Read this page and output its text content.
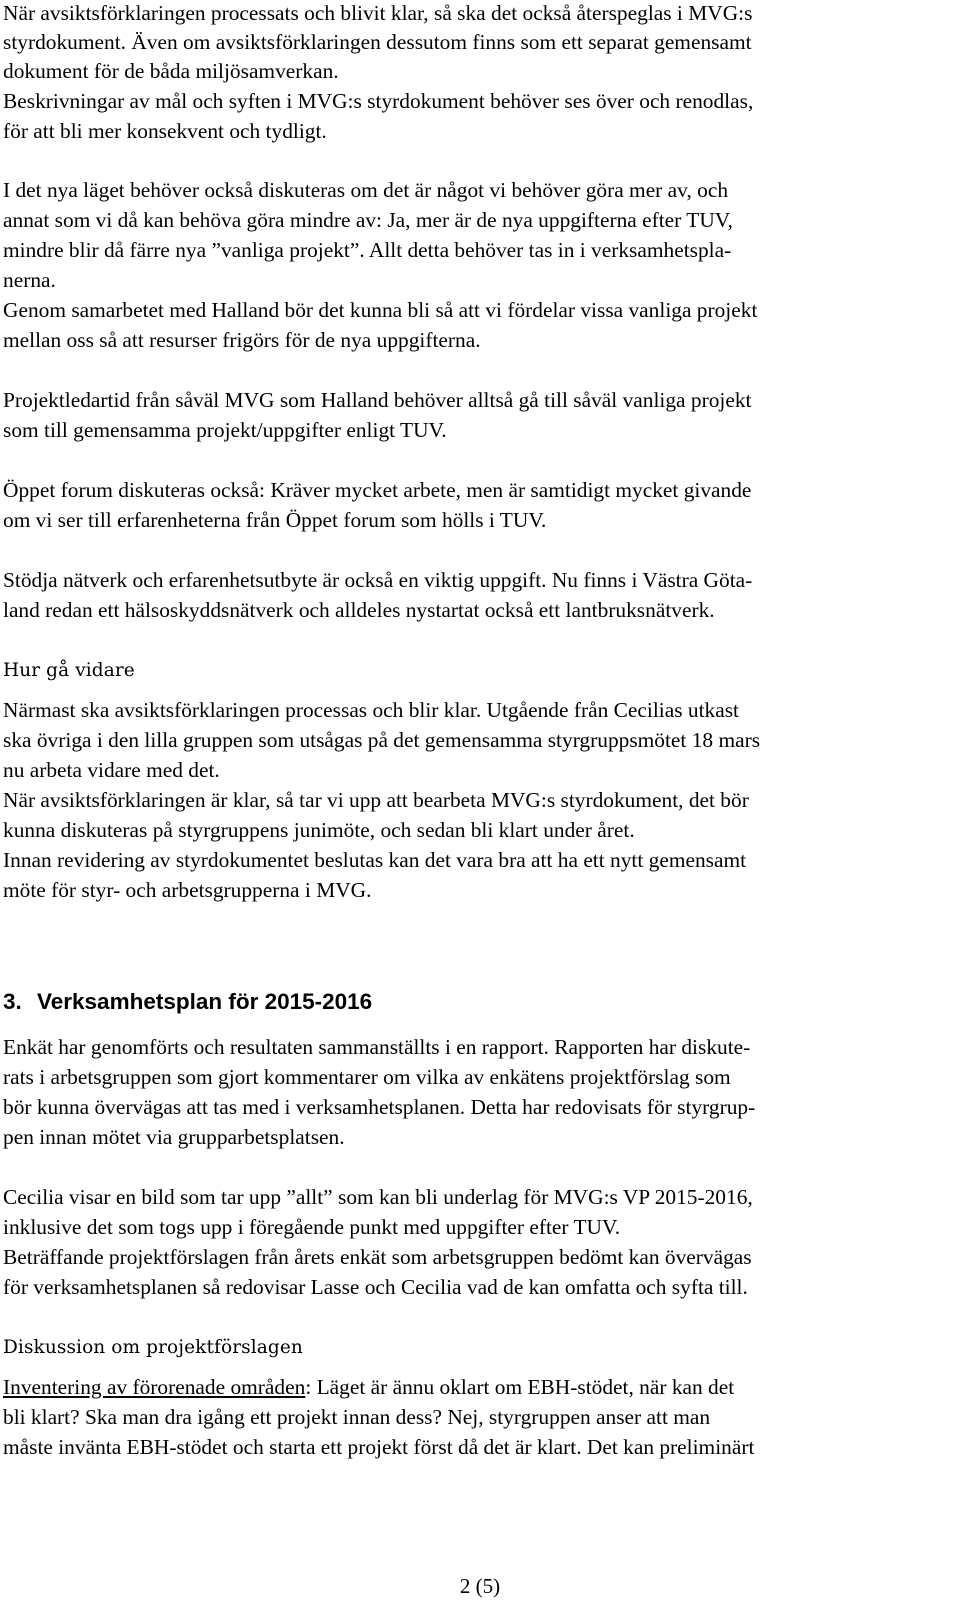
När avsiktsförklaringen processats och blivit klar, så ska det också återspeglas i MVG:s
styrdokument. Även om avsiktsförklaringen dessutom finns som ett separat gemensamt
dokument för de båda miljösamverkan.
Beskrivningar av mål och syften i MVG:s styrdokument behöver ses över och renodlas,
för att bli mer konsekvent och tydligt.
I det nya läget behöver också diskuteras om det är något vi behöver göra mer av, och
annat som vi då kan behöva göra mindre av: Ja, mer är de nya uppgifterna efter TUV,
mindre blir då färre nya ”vanliga projekt”. Allt detta behöver tas in i verksamhetspla-
nerna.
Genom samarbetet med Halland bör det kunna bli så att vi fördelar vissa vanliga projekt
mellan oss så att resurser frigörs för de nya uppgifterna.
Projektledartid från såväl MVG som Halland behöver alltså gå till såväl vanliga projekt
som till gemensamma projekt/uppgifter enligt TUV.
Öppet forum diskuteras också: Kräver mycket arbete, men är samtidigt mycket givande
om vi ser till erfarenheterna från Öppet forum som hölls i TUV.
Stödja nätverk och erfarenhetsutbyte är också en viktig uppgift. Nu finns i Västra Göta-
land redan ett hälsoskyddsnätverk och alldeles nystartat också ett lantbruksnätverk.
Hur gå vidare
Närmast ska avsiktsförklaringen processas och blir klar. Utgående från Cecilias utkast
ska övriga i den lilla gruppen som utsågas på det gemensamma styrgruppsmötet 18 mars
nu arbeta vidare med det.
När avsiktsförklaringen är klar, så tar vi upp att bearbeta MVG:s styrdokument, det bör
kunna diskuteras på styrgruppens junimöte, och sedan bli klart under året.
Innan revidering av styrdokumentet beslutas kan det vara bra att ha ett nytt gemensamt
möte för styr- och arbetsgrupperna i MVG.
3. Verksamhetsplan för 2015-2016
Enkät har genomförts och resultaten sammanställts i en rapport. Rapporten har diskute-
rats i arbetsgruppen som gjort kommentarer om vilka av enkätens projektförslag som
bör kunna övervägas att tas med i verksamhetsplanen. Detta har redovisats för styrgrup-
pen innan mötet via grupparbetsplatsen.
Cecilia visar en bild som tar upp ”allt” som kan bli underlag för MVG:s VP 2015-2016,
inklusive det som togs upp i föregående punkt med uppgifter efter TUV.
Beträffande projektförslagen från årets enkät som arbetsgruppen bedömt kan övervägas
för verksamhetsplanen så redovisar Lasse och Cecilia vad de kan omfatta och syfta till.
Diskussion om projektförslagen
Inventering av förorenade områden: Läget är ännu oklart om EBH-stödet, när kan det
bli klart? Ska man dra igång ett projekt innan dess? Nej, styrgruppen anser att man
måste invänta EBH-stödet och starta ett projekt först då det är klart. Det kan preliminärt
2 (5)
